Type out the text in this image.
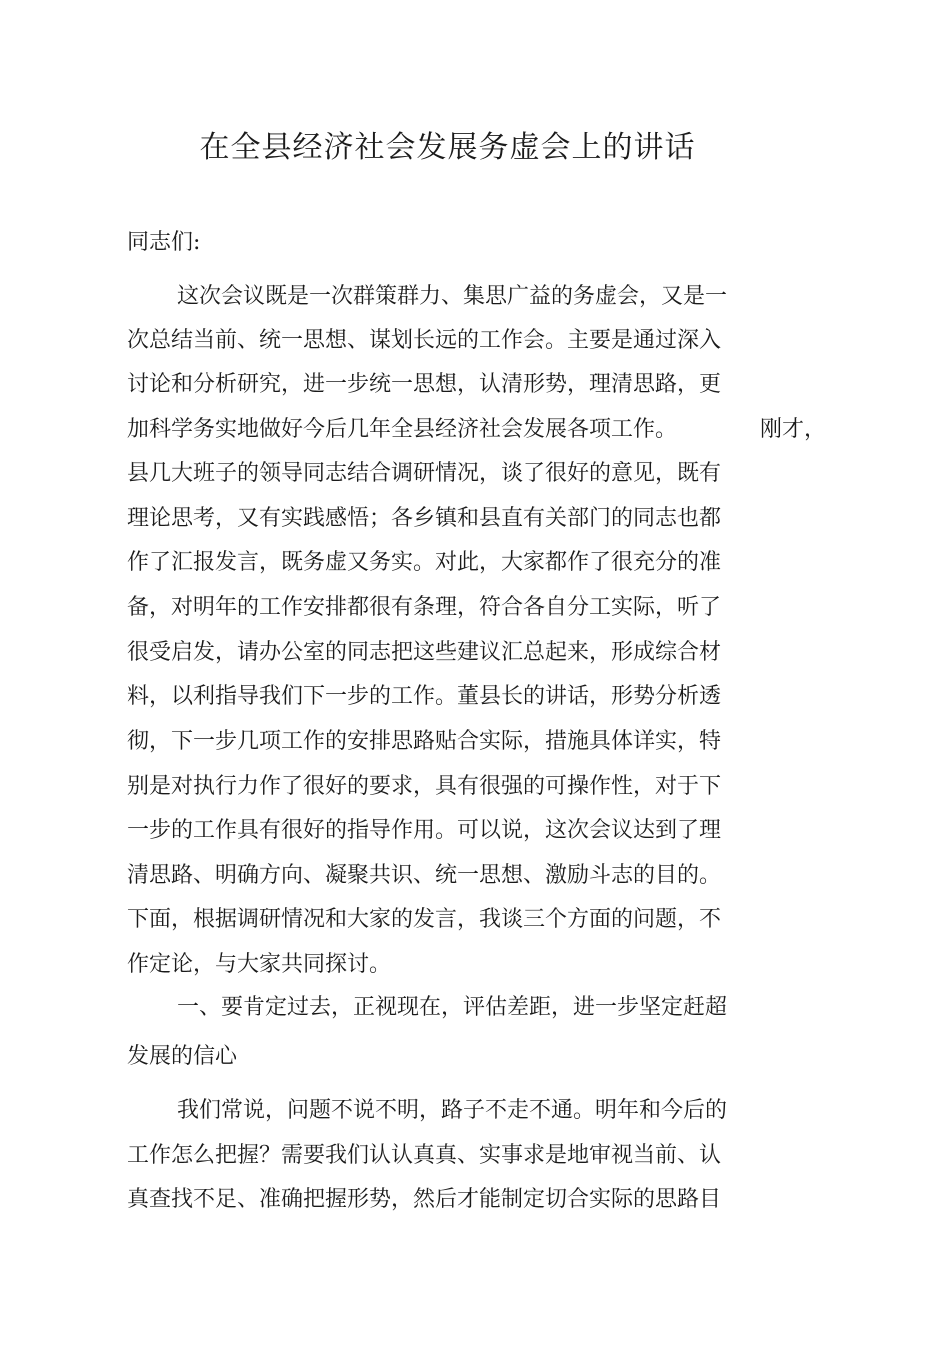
在全县经济社会发展务虚会上的讲话
同志们:
这次会议既是一次群策群力、集思广益的务虚会，又是一
次总结当前、统一思想、谋划长远的工作会。主要是通过深入
讨论和分析研究，进一步统一思想，认清形势，理清思路，更
加科学务实地做好今后几年全县经济社会发展各项工作。	刚才，
县几大班子的领导同志结合调研情况，谈了很好的意见，既有
理论思考，又有实践感悟；各乡镇和县直有关部门的同志也都
作了汇报发言，既务虚又务实。对此，大家都作了很充分的准
备，对明年的工作安排都很有条理，符合各自分工实际，听了
很受启发，请办公室的同志把这些建议汇总起来，形成综合材
料，以利指导我们下一步的工作。董县长的讲话，形势分析透
彻，下一步几项工作的安排思路贴合实际，措施具体详实，特
别是对执行力作了很好的要求，具有很强的可操作性，对于下
一步的工作具有很好的指导作用。可以说，这次会议达到了理
清思路、明确方向、凝聚共识、统一思想、激励斗志的目的。
下面，根据调研情况和大家的发言，我谈三个方面的问题，不
作定论，与大家共同探讨。
一、要肯定过去，正视现在，评估差距，进一步坚定赶超
发展的信心
我们常说，问题不说不明，路子不走不通。明年和今后的
工作怎么把握？需要我们认认真真、实事求是地审视当前、认
真查找不足、准确把握形势，然后才能制定切合实际的思路目
